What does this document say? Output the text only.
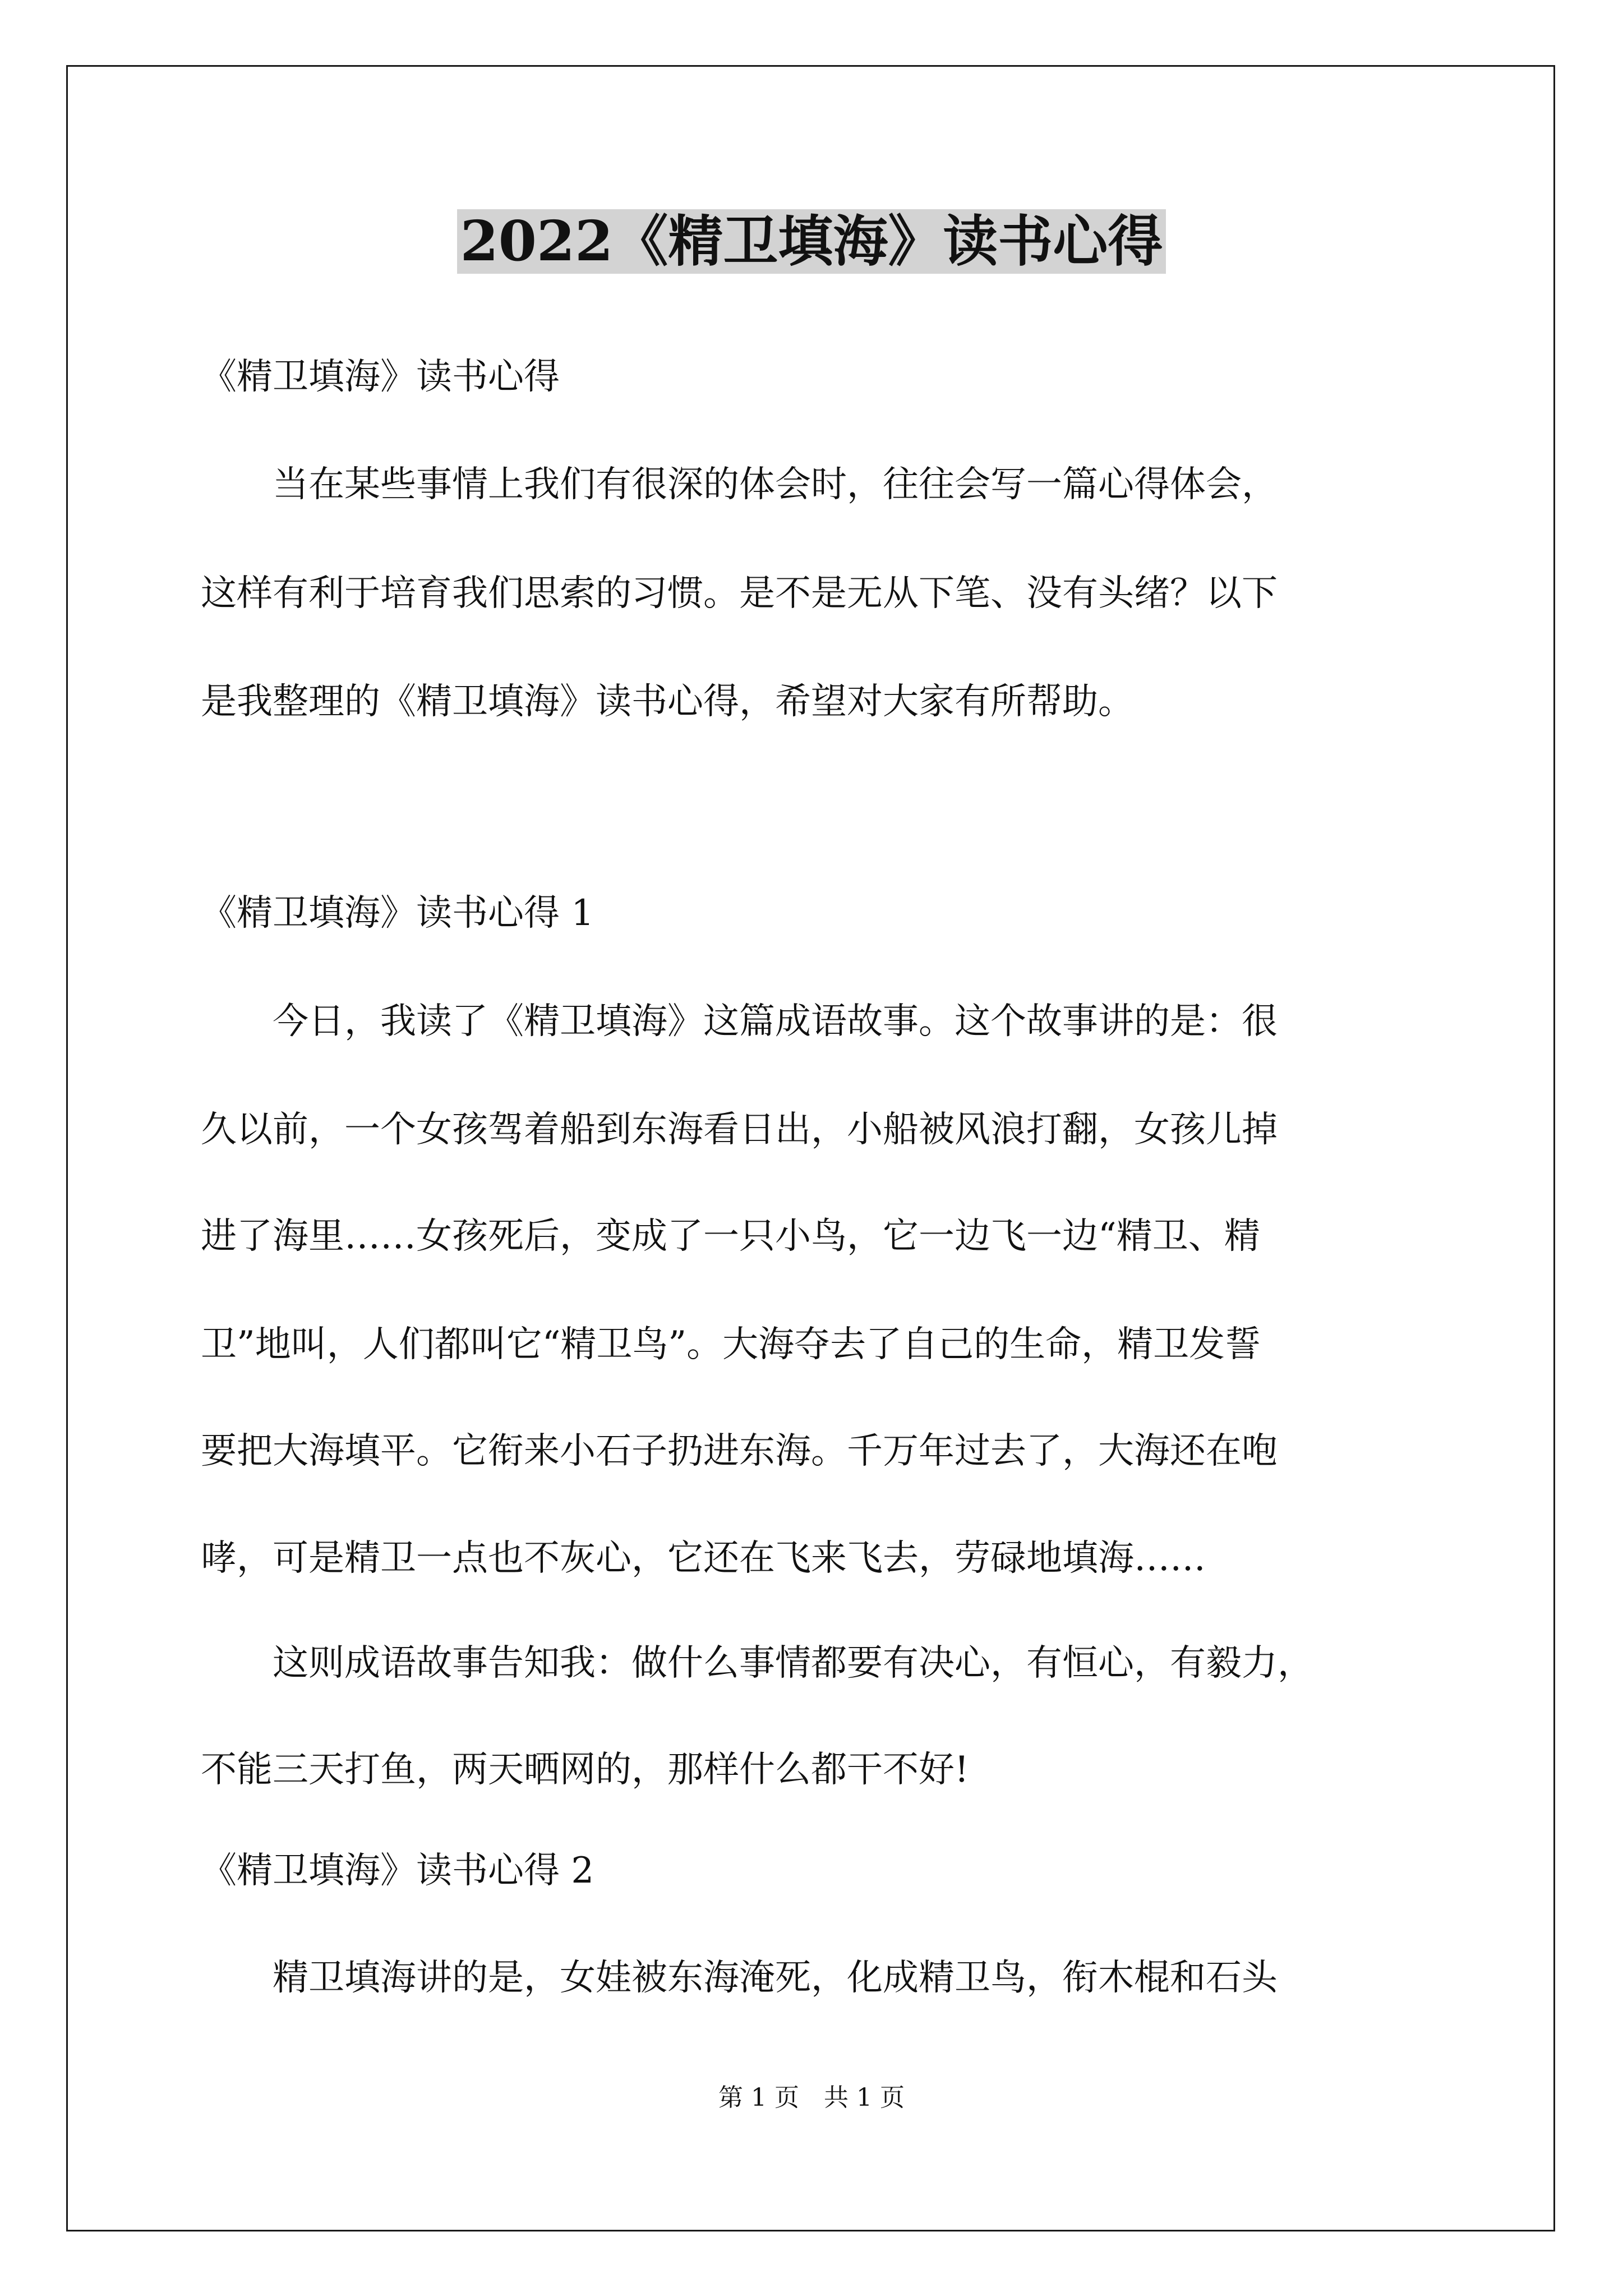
2022《精卫填海》读书心得
《精卫填海》读书心得
　　当在某些事情上我们有很深的体会时，往往会写一篇心得体会，
这样有利于培育我们思索的习惯。是不是无从下笔、没有头绪？以下
是我整理的《精卫填海》读书心得，希望对大家有所帮助。
《精卫填海》读书心得 1
　　今日，我读了《精卫填海》这篇成语故事。这个故事讲的是：很
久以前，一个女孩驾着船到东海看日出，小船被风浪打翻，女孩儿掉
进了海里……女孩死后，变成了一只小鸟，它一边飞一边“精卫、精
卫”地叫，人们都叫它“精卫鸟”。大海夺去了自己的生命，精卫发誓
要把大海填平。它衔来小石子扔进东海。千万年过去了，大海还在咆
哮，可是精卫一点也不灰心，它还在飞来飞去，劳碌地填海……
　　这则成语故事告知我：做什么事情都要有决心，有恒心，有毅力，
不能三天打鱼，两天晒网的，那样什么都干不好!
《精卫填海》读书心得 2
　　精卫填海讲的是，女娃被东海淹死，化成精卫鸟，衔木棍和石头
第 1 页　共 1 页
